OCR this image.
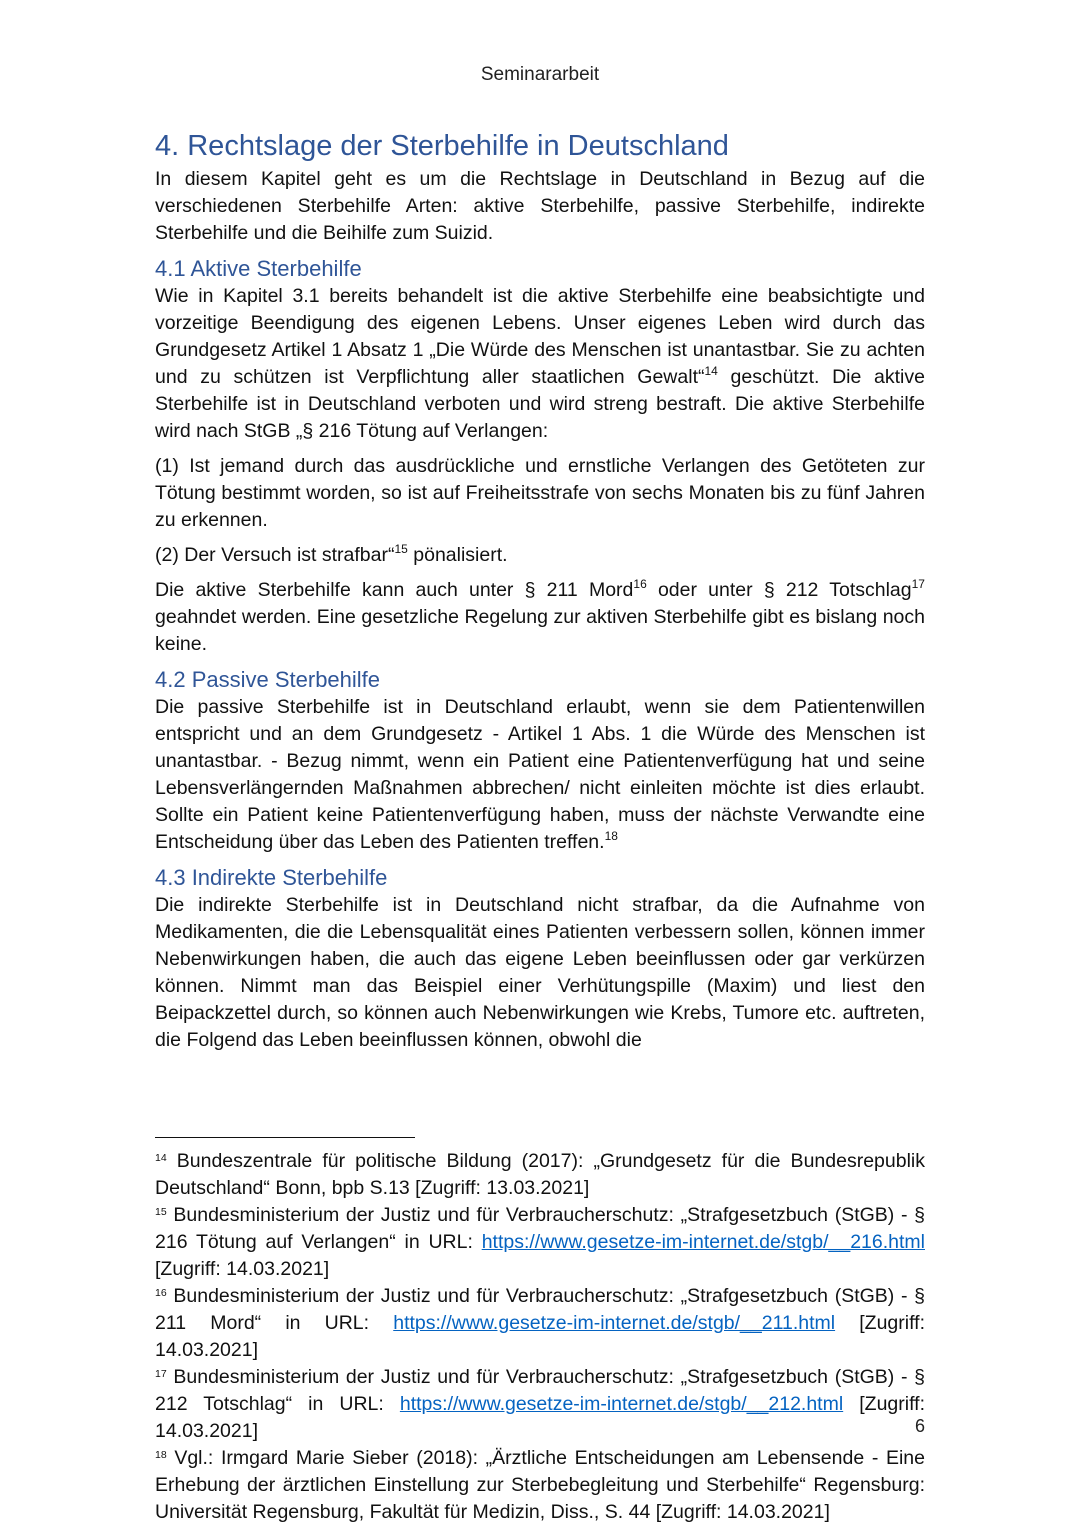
Seminararbeit
4. Rechtslage der Sterbehilfe in Deutschland

In diesem Kapitel geht es um die Rechtslage in Deutschland in Bezug auf die verschiedenen Sterbehilfe Arten: aktive Sterbehilfe, passive Sterbehilfe, indirekte Sterbehilfe und die Beihilfe zum Suizid.

4.1 Aktive Sterbehilfe

Wie in Kapitel 3.1 bereits behandelt ist die aktive Sterbehilfe eine beabsichtigte und vorzeitige Beendigung des eigenen Lebens. Unser eigenes Leben wird durch das Grundgesetz Artikel 1 Absatz 1 „Die Würde des Menschen ist unantastbar. Sie zu achten und zu schützen ist Verpflichtung aller staatlichen Gewalt“$^{14}$ geschützt. Die aktive Sterbehilfe ist in Deutschland verboten und wird streng bestraft. Die aktive Sterbehilfe wird nach StGB „§ 216 Tötung auf Verlangen:

(1) Ist jemand durch das ausdrückliche und ernstliche Verlangen des Getöteten zur Tötung bestimmt worden, so ist auf Freiheitsstrafe von sechs Monaten bis zu fünf Jahren zu erkennen.

(2) Der Versuch ist strafbar“$^{15}$ pönalisiert.

Die aktive Sterbehilfe kann auch unter § 211 Mord$^{16}$ oder unter § 212 Totschlag$^{17}$ geahndet werden. Eine gesetzliche Regelung zur aktiven Sterbehilfe gibt es bislang noch keine.

4.2 Passive Sterbehilfe

Die passive Sterbehilfe ist in Deutschland erlaubt, wenn sie dem Patientenwillen entspricht und an dem Grundgesetz - Artikel 1 Abs. 1 die Würde des Menschen ist unantastbar. - Bezug nimmt, wenn ein Patient eine Patientenverfügung hat und seine Lebensverlängernden Maßnahmen abbrechen/ nicht einleiten möchte ist dies erlaubt. Sollte ein Patient keine Patientenverfügung haben, muss der nächste Verwandte eine Entscheidung über das Leben des Patienten treffen.$^{18}$

4.3 Indirekte Sterbehilfe

Die indirekte Sterbehilfe ist in Deutschland nicht strafbar, da die Aufnahme von Medikamenten, die die Lebensqualität eines Patienten verbessern sollen, können immer Nebenwirkungen haben, die auch das eigene Leben beeinflussen oder gar verkürzen können. Nimmt man das Beispiel einer Verhütungspille (Maxim) und liest den Beipackzettel durch, so können auch Nebenwirkungen wie Krebs, Tumore etc. auftreten, die Folgend das Leben beeinflussen können, obwohl die

$^{14}$ Bundeszentrale für politische Bildung (2017): „Grundgesetz für die Bundesrepublik Deutschland“ Bonn, bpb S.13 [Zugriff: 13.03.2021]

$^{15}$ Bundesministerium der Justiz und für Verbraucherschutz: „Strafgesetzbuch (StGB) - § 216 Tötung auf Verlangen“ in URL: https://www.gesetze-im-internet.de/stgb/__216.html [Zugriff: 14.03.2021]

$^{16}$ Bundesministerium der Justiz und für Verbraucherschutz: „Strafgesetzbuch (StGB) - § 211 Mord“ in URL: https://www.gesetze-im-internet.de/stgb/__211.html [Zugriff: 14.03.2021]

$^{17}$ Bundesministerium der Justiz und für Verbraucherschutz: „Strafgesetzbuch (StGB) - § 212 Totschlag“ in URL: https://www.gesetze-im-internet.de/stgb/__212.html [Zugriff: 14.03.2021]

$^{18}$ Vgl.: Irmgard Marie Sieber (2018): „Ärztliche Entscheidungen am Lebensende - Eine Erhebung der ärztlichen Einstellung zur Sterbebegleitung und Sterbehilfe“ Regensburg: Universität Regensburg, Fakultät für Medizin, Diss., S. 44 [Zugriff: 14.03.2021]

6
